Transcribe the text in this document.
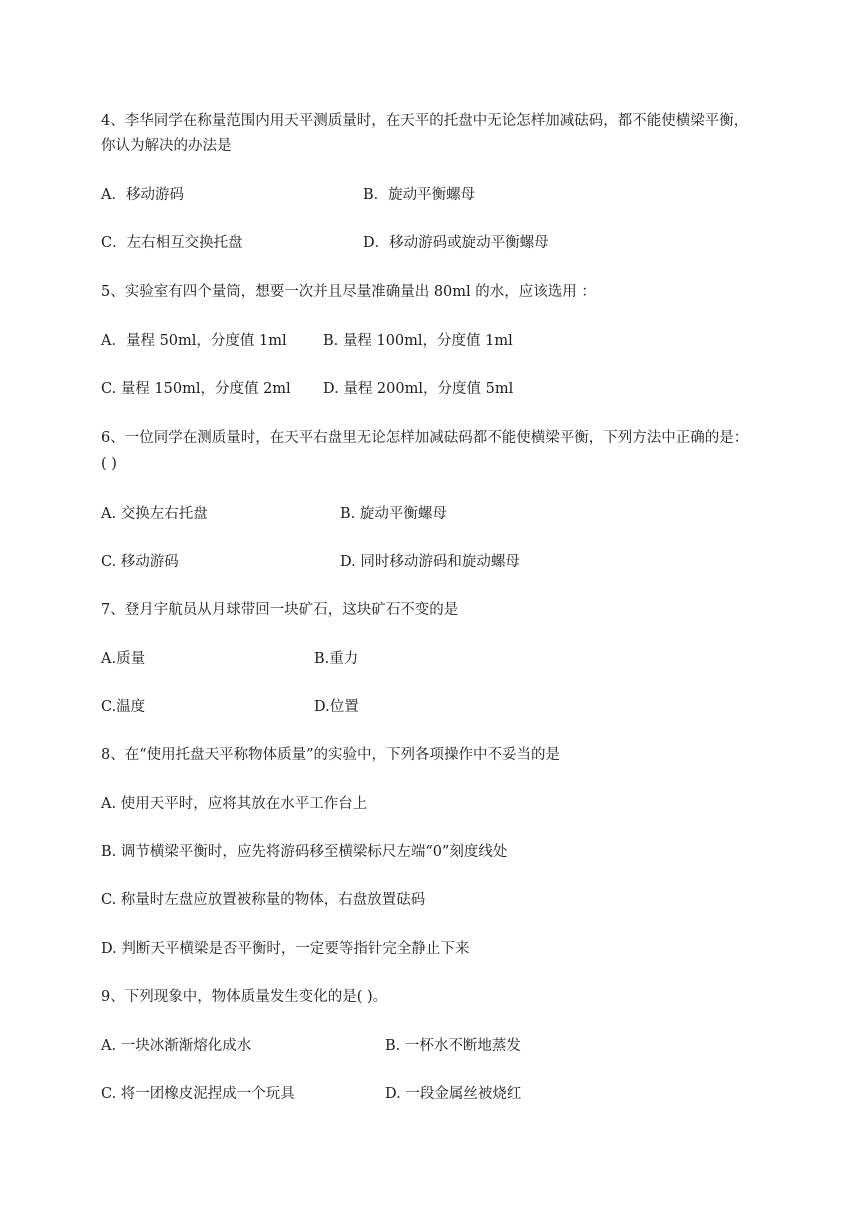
4、李华同学在称量范围内用天平测质量时，在天平的托盘中无论怎样加减砝码，都不能使横梁平衡，
你认为解决的办法是
A．移动游码	B．旋动平衡螺母
C．左右相互交换托盘	D．移动游码或旋动平衡螺母
5、实验室有四个量筒，想要一次并且尽量准确量出 80ml 的水，应该选用 ：
A．量程 50ml，分度值 1ml	B. 量程 100ml，分度值 1ml
C. 量程 150ml，分度值 2ml D. 量程 200ml，分度值 5ml
6、一位同学在测质量时，在天平右盘里无论怎样加减砝码都不能使横梁平衡，下列方法中正确的是：
( )
A. 交换左右托盘	B. 旋动平衡螺母
C. 移动游码	D. 同时移动游码和旋动螺母
7、登月宇航员从月球带回一块矿石，这块矿石不变的是
A.质量	B.重力
C.温度	D.位置
8、在“使用托盘天平称物体质量”的实验中，下列各项操作中不妥当的是
A. 使用天平时，应将其放在水平工作台上
B. 调节横梁平衡时，应先将游码移至横梁标尺左端“0”刻度线处
C. 称量时左盘应放置被称量的物体，右盘放置砝码
D. 判断天平横梁是否平衡时，一定要等指针完全静止下来
9、下列现象中，物体质量发生变化的是( )。
A. 一块冰渐渐熔化成水	B. 一杯水不断地蒸发
C. 将一团橡皮泥捏成一个玩具	D. 一段金属丝被烧红
